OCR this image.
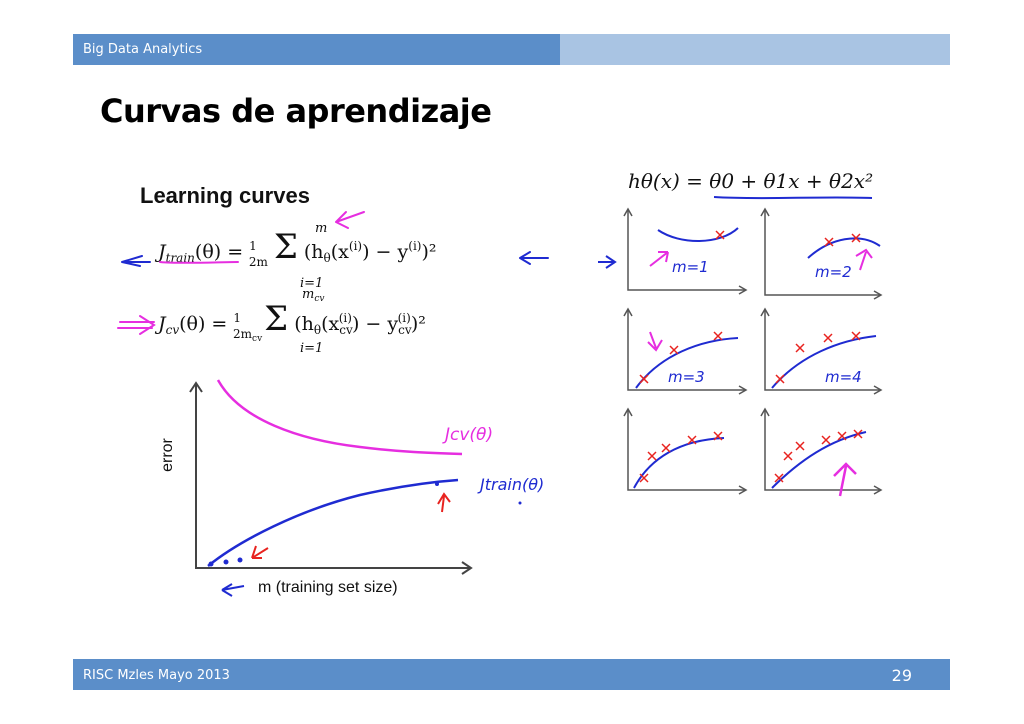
Big Data Analytics
Curvas de aprendizaje
Learning curves
$J_{train}(\theta) = ^1$ 2m Σ $(h_\theta(x^{(i)}) - y^{(i)})^2$
m
i=1
$J_{cv}(\theta) = ^1$ 2mcvΣ $(h_\theta(x_{cv}(i)) - y_{cv}(i))^2$
$m_{cv}$
i=1
error
Jcv(θ)
Jtrain(θ)
m (training set size)
hθ(x) = θ0 + θ1x + θ2x²
m=1	m=2
m=3	m=4
RISC Mzles Mayo 2013	29
